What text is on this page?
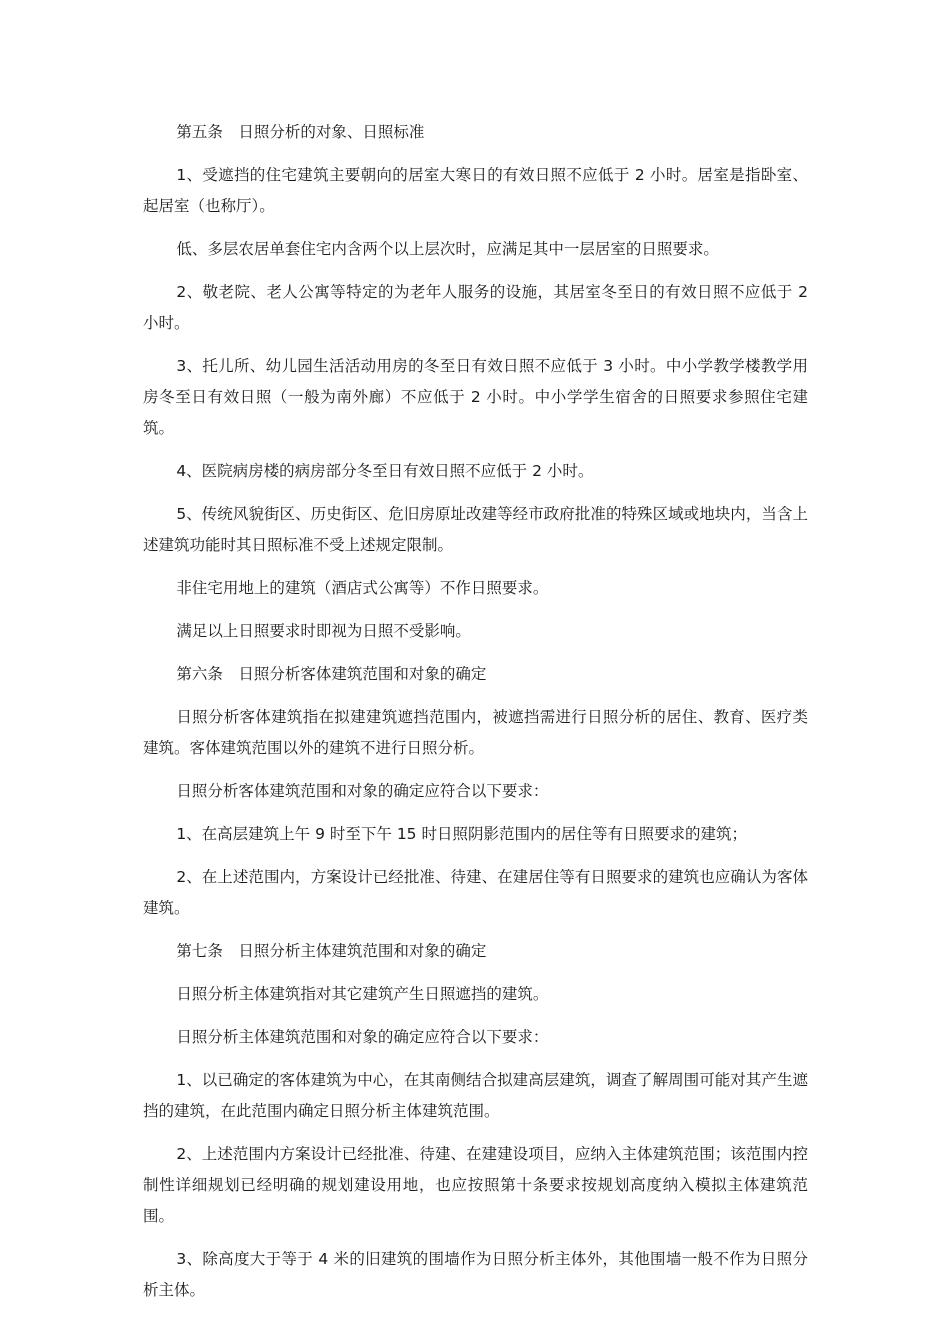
第五条　日照分析的对象、日照标准

1、受遮挡的住宅建筑主要朝向的居室大寒日的有效日照不应低于 2 小时。居室是指卧室、起居室（也称厅）。

低、多层农居单套住宅内含两个以上层次时，应满足其中一层居室的日照要求。

2、敬老院、老人公寓等特定的为老年人服务的设施，其居室冬至日的有效日照不应低于 2 小时。

3、托儿所、幼儿园生活活动用房的冬至日有效日照不应低于 3 小时。中小学教学楼教学用房冬至日有效日照（一般为南外廊）不应低于 2 小时。中小学学生宿舍的日照要求参照住宅建筑。

4、医院病房楼的病房部分冬至日有效日照不应低于 2 小时。

5、传统风貌街区、历史街区、危旧房原址改建等经市政府批准的特殊区域或地块内，当含上述建筑功能时其日照标准不受上述规定限制。

非住宅用地上的建筑（酒店式公寓等）不作日照要求。

满足以上日照要求时即视为日照不受影响。

第六条　日照分析客体建筑范围和对象的确定

日照分析客体建筑指在拟建建筑遮挡范围内，被遮挡需进行日照分析的居住、教育、医疗类建筑。客体建筑范围以外的建筑不进行日照分析。

日照分析客体建筑范围和对象的确定应符合以下要求：

1、在高层建筑上午 9 时至下午 15 时日照阴影范围内的居住等有日照要求的建筑；

2、在上述范围内，方案设计已经批准、待建、在建居住等有日照要求的建筑也应确认为客体建筑。

第七条　日照分析主体建筑范围和对象的确定

日照分析主体建筑指对其它建筑产生日照遮挡的建筑。

日照分析主体建筑范围和对象的确定应符合以下要求：

1、以已确定的客体建筑为中心，在其南侧结合拟建高层建筑，调查了解周围可能对其产生遮挡的建筑，在此范围内确定日照分析主体建筑范围。

2、上述范围内方案设计已经批准、待建、在建建设项目，应纳入主体建筑范围；该范围内控制性详细规划已经明确的规划建设用地，也应按照第十条要求按规划高度纳入模拟主体建筑范围。

3、除高度大于等于 4 米的旧建筑的围墙作为日照分析主体外，其他围墙一般不作为日照分析主体。
